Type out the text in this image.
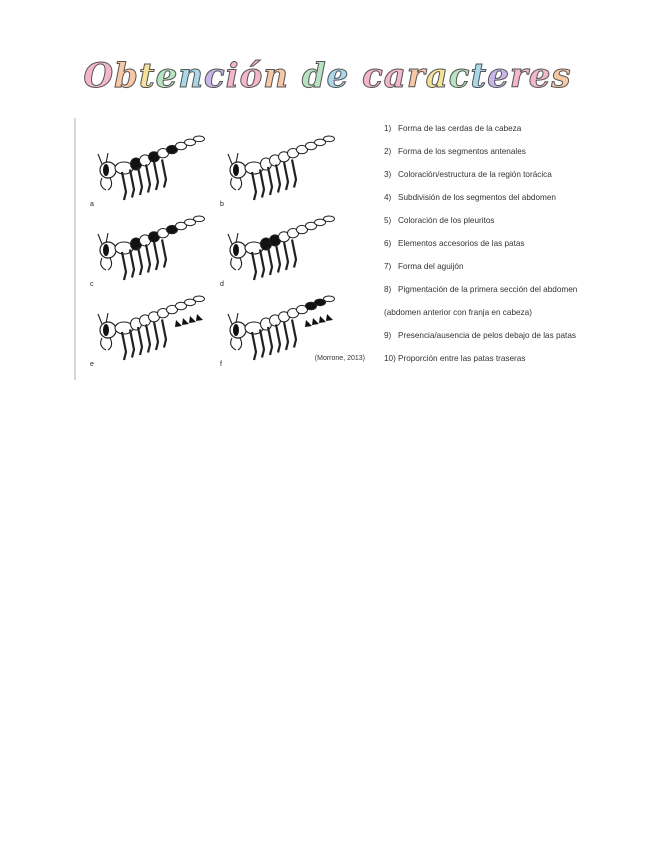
Obtención de caracteres
a	b
c	d
e	f
(Morrone, 2013)
1) Forma de las cerdas de la cabeza
2) Forma de los segmentos antenales
3) Coloración/estructura de la región torácica
4) Subdivisión de los segmentos del abdomen
5) Coloración de los pleuritos
6) Elementos accesorios de las patas
7) Forma del aguijón
8) Pigmentación de la primera sección del abdomen
(abdomen anterior con franja en cabeza)
9) Presencia/ausencia de pelos debajo de las patas
10) Proporción entre las patas traseras
